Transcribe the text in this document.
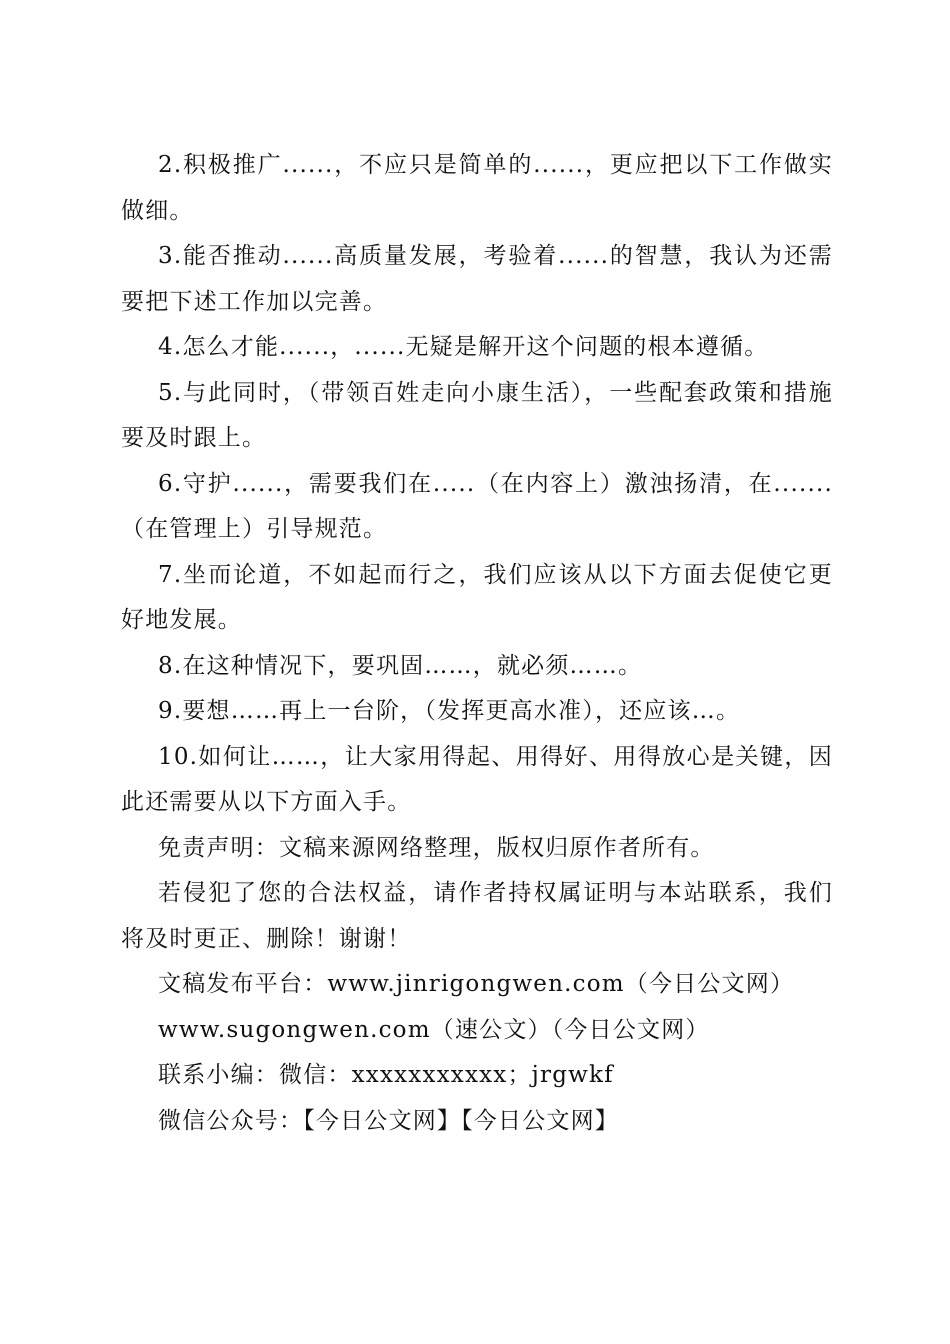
2.积极推广......，不应只是简单的......，更应把以下工作做实做细。

3.能否推动......高质量发展，考验着......的智慧，我认为还需要把下述工作加以完善。

4.怎么才能......，......无疑是解开这个问题的根本遵循。

5.与此同时，（带领百姓走向小康生活），一些配套政策和措施要及时跟上。

6.守护......，需要我们在.....（在内容上）激浊扬清，在.......（在管理上）引导规范。

7.坐而论道，不如起而行之，我们应该从以下方面去促使它更好地发展。

8.在这种情况下，要巩固……，就必须……。

9.要想……再上一台阶，（发挥更高水准），还应该…。

10.如何让……，让大家用得起、用得好、用得放心是关键，因此还需要从以下方面入手。

免责声明：文稿来源网络整理，版权归原作者所有。

若侵犯了您的合法权益，请作者持权属证明与本站联系，我们将及时更正、删除！谢谢！

文稿发布平台：www.jinrigongwen.com（今日公文网）

www.sugongwen.com（速公文）（今日公文网）

联系小编：微信：xxxxxxxxxxx；jrgwkf

微信公众号：【今日公文网】【今日公文网】
